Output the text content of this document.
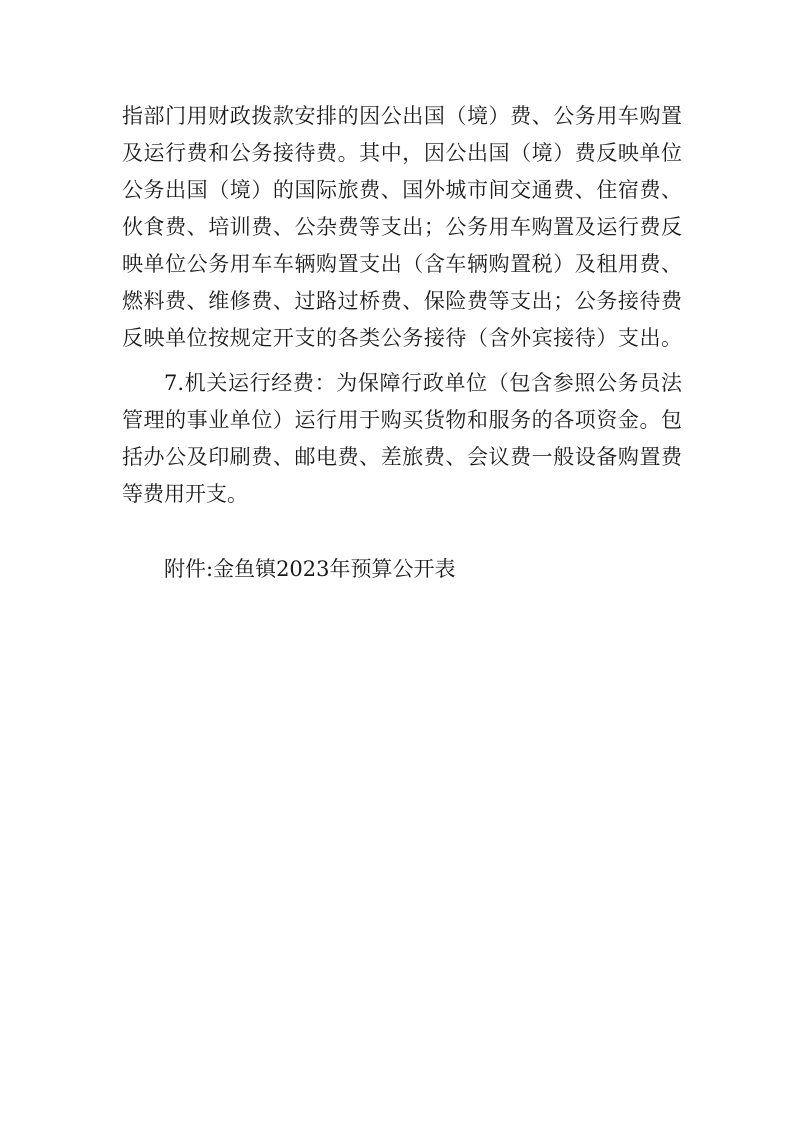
指部门用财政拨款安排的因公出国（境）费、公务用车购置
及运行费和公务接待费。其中，因公出国（境）费反映单位
公务出国（境）的国际旅费、国外城市间交通费、住宿费、
伙食费、培训费、公杂费等支出；公务用车购置及运行费反
映单位公务用车车辆购置支出（含车辆购置税）及租用费、
燃料费、维修费、过路过桥费、保险费等支出；公务接待费
反映单位按规定开支的各类公务接待（含外宾接待）支出。
7.机关运行经费：为保障行政单位（包含参照公务员法
管理的事业单位）运行用于购买货物和服务的各项资金。包
括办公及印刷费、邮电费、差旅费、会议费一般设备购置费
等费用开支。
附件:金鱼镇2023年预算公开表
